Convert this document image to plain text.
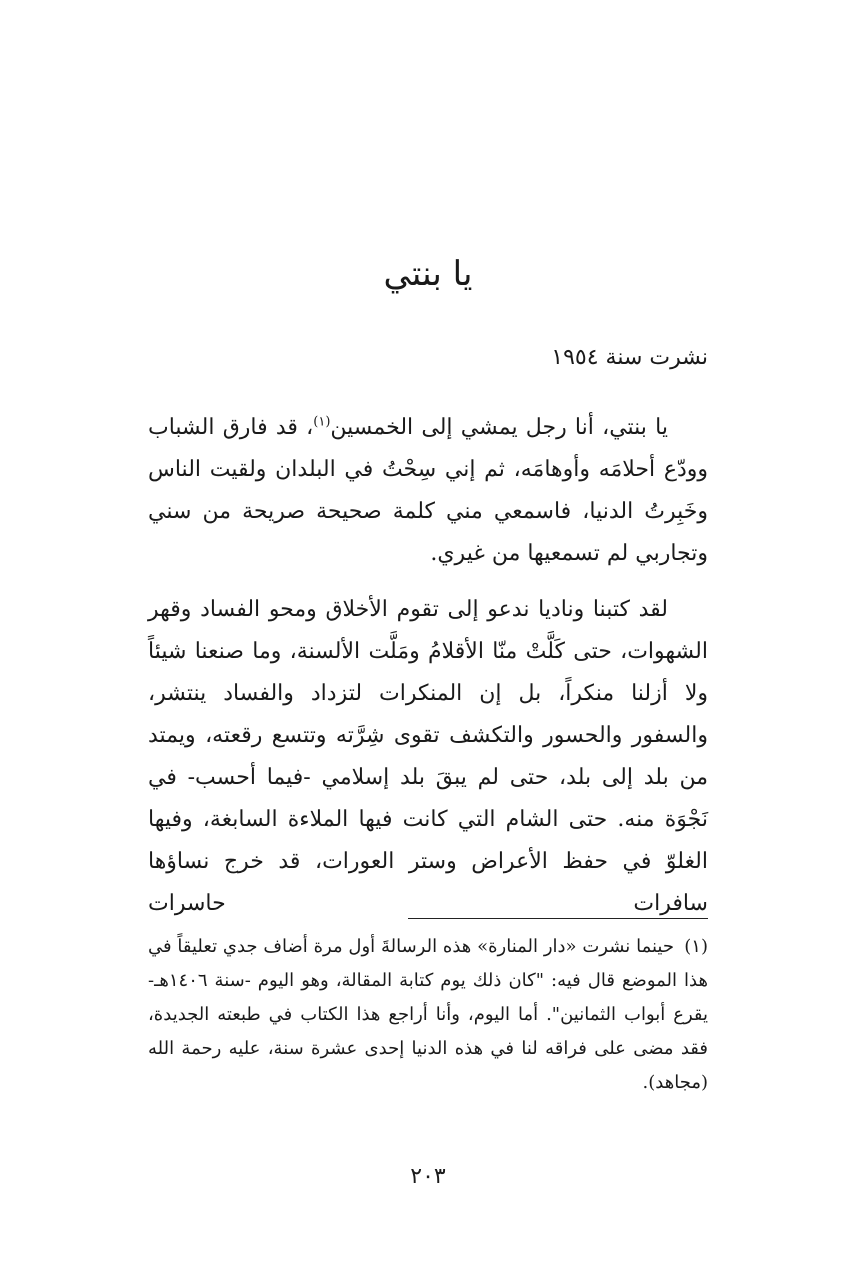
يا بنتي

نشرت سنة ١٩٥٤

يا بنتي، أنا رجل يمشي إلى الخمسين$^{(١)}$، قد فارق الشباب وودّع أحلامَه وأوهامَه، ثم إني سِحْتُ في البلدان ولقيت الناس وخَبِرتُ الدنيا، فاسمعي مني كلمة صحيحة صريحة من سني وتجاربي لم تسمعيها من غيري.

لقد كتبنا وناديا ندعو إلى تقوم الأخلاق ومحو الفساد وقهر الشهوات، حتى كَلَّتْ منّا الأقلامُ ومَلَّت الألسنة، وما صنعنا شيئاً ولا أزلنا منكراً، بل إن المنكرات لتزداد والفساد ينتشر، والسفور والحسور والتكشف تقوى شِرَّته وتتسع رقعته، ويمتد من بلد إلى بلد، حتى لم يبقَ بلد إسلامي -فيما أحسب- في نَجْوَة منه. حتى الشام التي كانت فيها الملاءة السابغة، وفيها الغلوّ في حفظ الأعراض وستر العورات، قد خرج نساؤها سافرات حاسرات

(١)حينما نشرت «دار المنارة» هذه الرسالةَ أول مرة أضاف جدي تعليقاً في هذا الموضع قال فيه: "كان ذلك يوم كتابة المقالة، وهو اليوم -سنة ١٤٠٦هـ- يقرع أبواب الثمانين". أما اليوم، وأنا أراجع هذا الكتاب في طبعته الجديدة، فقد مضى على فراقه لنا في هذه الدنيا إحدى عشرة سنة، عليه رحمة الله (مجاهد).
٢٠٣
